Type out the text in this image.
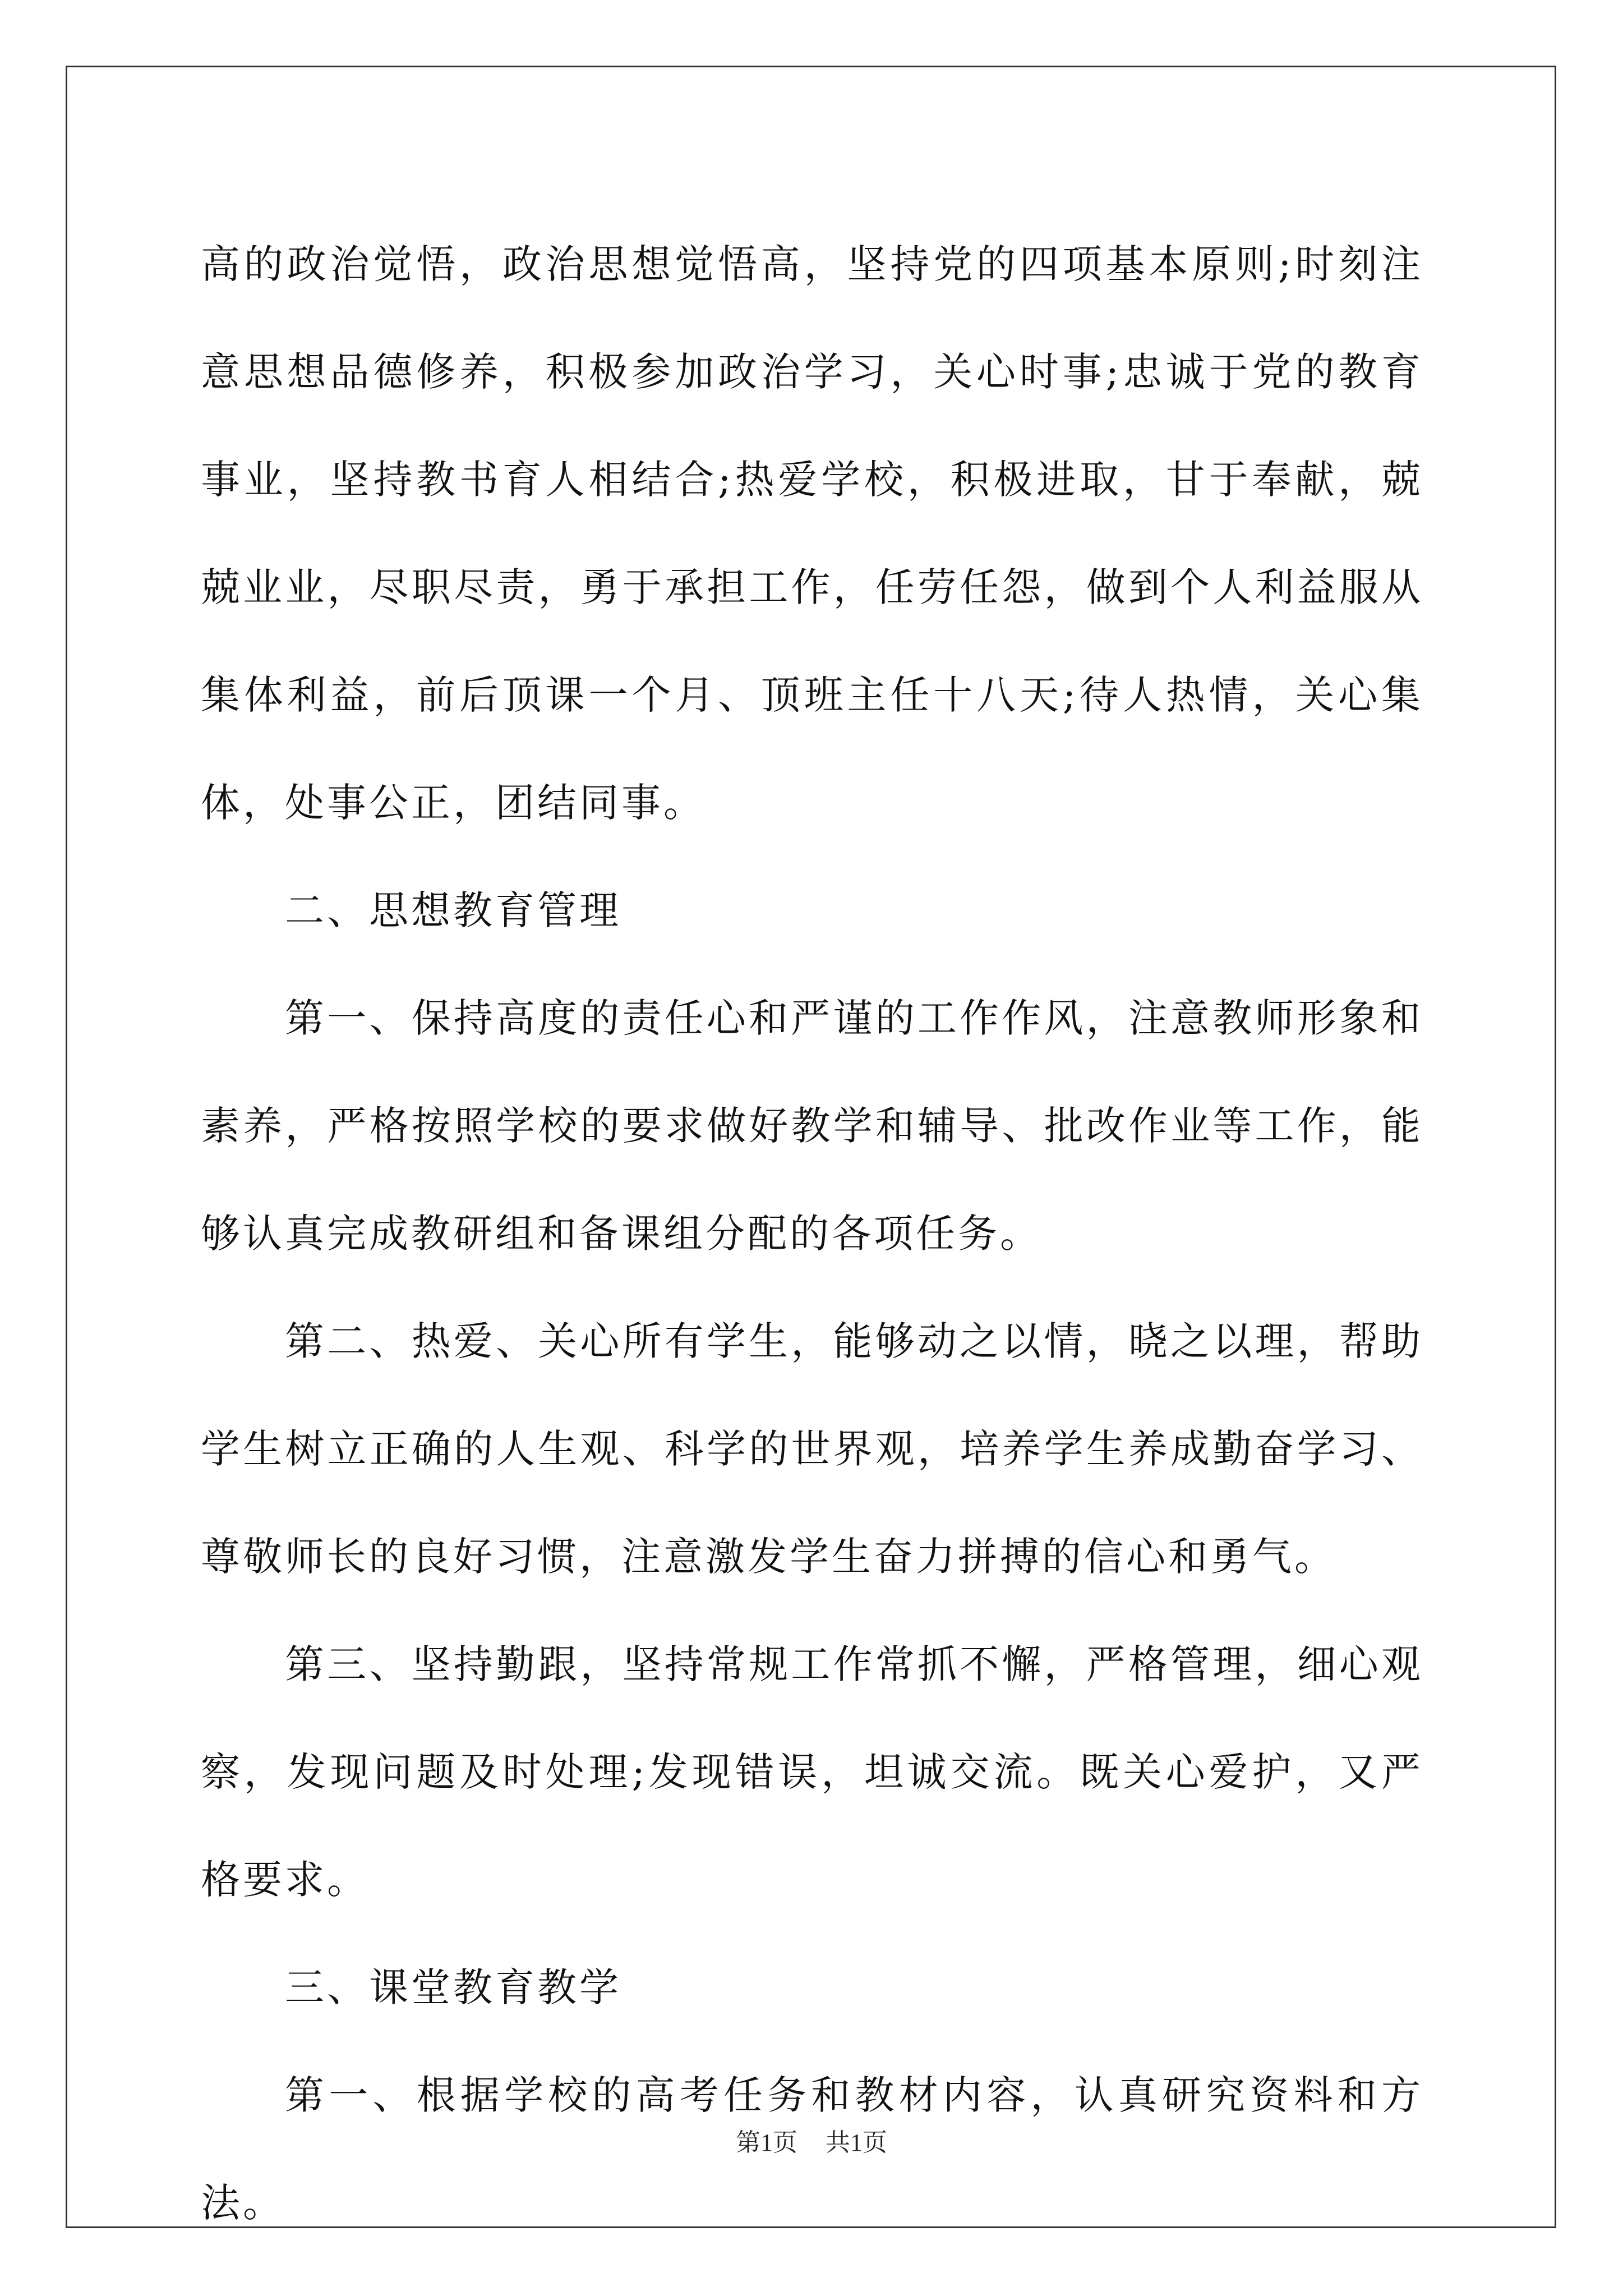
高的政治觉悟，政治思想觉悟高，坚持党的四项基本原则;时刻注意思想品德修养，积极参加政治学习，关心时事;忠诚于党的教育事业，坚持教书育人相结合;热爱学校，积极进取，甘于奉献，兢兢业业，尽职尽责，勇于承担工作，任劳任怨，做到个人利益服从集体利益，前后顶课一个月、顶班主任十八天;待人热情，关心集体，处事公正，团结同事。

二、思想教育管理

第一、保持高度的责任心和严谨的工作作风，注意教师形象和素养，严格按照学校的要求做好教学和辅导、批改作业等工作，能够认真完成教研组和备课组分配的各项任务。

第二、热爱、关心所有学生，能够动之以情，晓之以理，帮助学生树立正确的人生观、科学的世界观，培养学生养成勤奋学习、尊敬师长的良好习惯，注意激发学生奋力拼搏的信心和勇气。

第三、坚持勤跟，坚持常规工作常抓不懈，严格管理，细心观察，发现问题及时处理;发现错误，坦诚交流。既关心爱护，又严格要求。

三、课堂教育教学

第一、根据学校的高考任务和教材内容，认真研究资料和方法。

第1页 共1页
